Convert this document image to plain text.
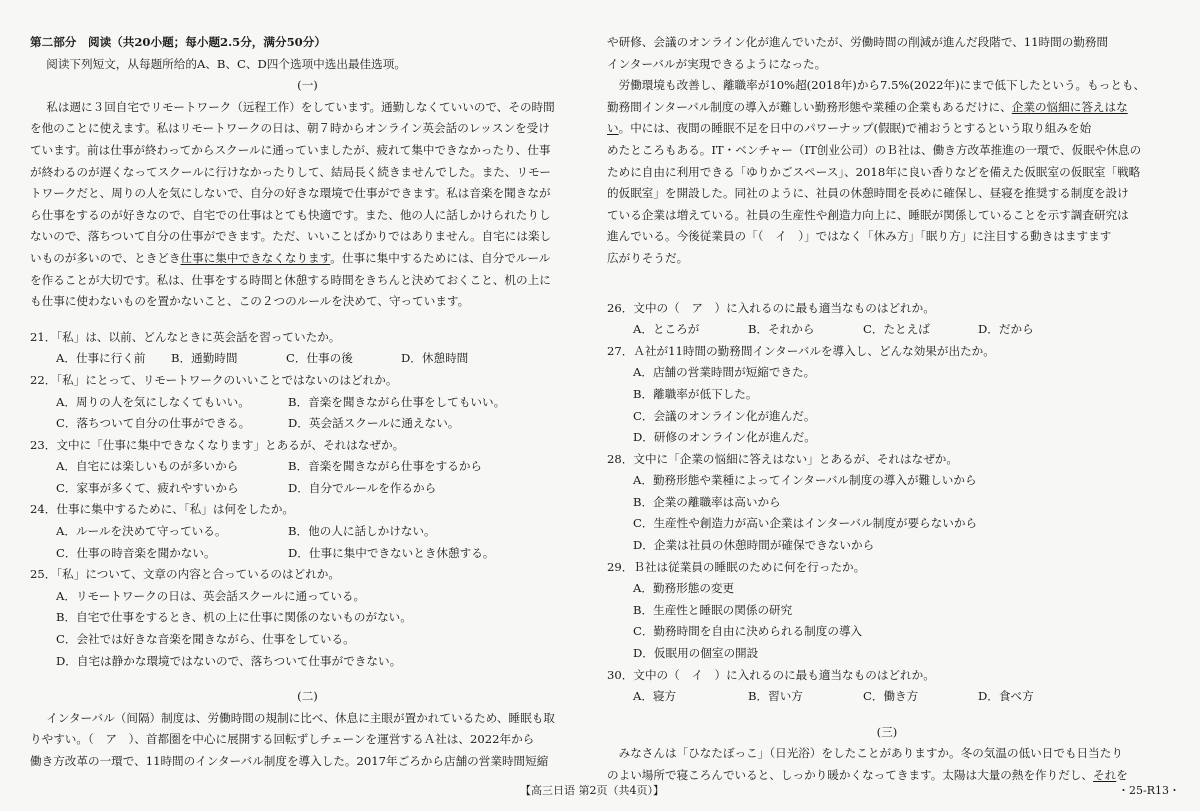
第二部分　阅读（共20小题；每小题2.5分，满分50分）
阅读下列短文，从每题所给的A、B、C、D四个选项中选出最佳选项。
(一)
私は週に３回自宅でリモートワーク（远程工作）をしています。通勤しなくていいので、その時間
を他のことに使えます。私はリモートワークの日は、朝７時からオンライン英会話のレッスンを受け
ています。前は仕事が終わってからスクールに通っていましたが、疲れて集中できなかったり、仕事
が終わるのが遅くなってスクールに行けなかったりして、結局長く続きませんでした。また、リモー
トワークだと、周りの人を気にしないで、自分の好きな環境で仕事ができます。私は音楽を聞きなが
ら仕事をするのが好きなので、自宅での仕事はとても快適です。また、他の人に話しかけられたりし
ないので、落ちついて自分の仕事ができます。ただ、いいことばかりではありません。自宅には楽し
いものが多いので、ときどき仕事に集中できなくなります。仕事に集中するためには、自分でルール
を作ることが大切です。私は、仕事をする時間と休憩する時間をきちんと決めておくこと、机の上に
も仕事に使わないものを置かないこと、この２つのルールを決めて、守っています。
21．「私」は、以前、どんなときに英会話を習っていたか。
A．仕事に行く前	B．通勤時間	C．仕事の後	D．休憩時間
22．「私」にとって、リモートワークのいいことではないのはどれか。
A．周りの人を気にしなくてもいい。	B．音楽を聞きながら仕事をしてもいい。
C．落ちついて自分の仕事ができる。	D．英会話スクールに通えない。
23．文中に「仕事に集中できなくなります」とあるが、それはなぜか。
A．自宅には楽しいものが多いから	B．音楽を聞きながら仕事をするから
C．家事が多くて、疲れやすいから	D．自分でルールを作るから
24．仕事に集中するために、「私」は何をしたか。
A．ルールを決めて守っている。	B．他の人に話しかけない。
C．仕事の時音楽を聞かない。	D．仕事に集中できないとき休憩する。
25．「私」について、文章の内容と合っているのはどれか。
A．リモートワークの日は、英会話スクールに通っている。
B．自宅で仕事をするとき、机の上に仕事に関係のないものがない。
C．会社では好きな音楽を聞きながら、仕事をしている。
D．自宅は静かな環境ではないので、落ちついて仕事ができない。
(二)
インターバル（间隔）制度は、労働時間の規制に比べ、休息に主眼が置かれているため、睡眠も取
りやすい。（　ア　）、首都圏を中心に展開する回転ずしチェーンを運営するＡ社は、2022年から
働き方改革の一環で、11時間のインターバル制度を導入した。2017年ごろから店舗の営業時間短縮
や研修、会議のオンライン化が進んでいたが、労働時間の削減が進んだ段階で、11時間の勤務間
インターバルが実現できるようになった。
　労働環境も改善し、離職率が10%超(2018年)から7.5%(2022年)にまで低下したという。もっとも、
勤務間インターバル制度の導入が難しい勤務形態や業種の企業もあるだけに、企業の悩細に答えはな
い。中には、夜間の睡眠不足を日中のパワーナップ(假眠)で補おうとするという取り組みを始
めたところもある。IT・ベンチャー（IT创业公司）のＢ社は、働き方改革推進の一環で、仮眠や休息の
ために自由に利用できる「ゆりかごスペース」、2018年に良い香りなどを備えた仮眠室の仮眠室「戦略
的仮眠室」を開設した。同社のように、社員の休憩時間を長めに確保し、昼寝を推奨する制度を設け
ている企業は増えている。社員の生産性や創造力向上に、睡眠が関係していることを示す調査研究は
進んでいる。今後従業員の「（　イ　）」ではなく「休み方」「眠り方」に注目する動きはますます
広がりそうだ。
26．文中の（　ア　）に入れるのに最も適当なものはどれか。
A．ところが	B．それから	C．たとえば	D．だから
27．Ａ社が11時間の勤務間インターバルを導入し、どんな効果が出たか。
A．店舗の営業時間が短縮できた。
B．離職率が低下した。
C．会議のオンライン化が進んだ。
D．研修のオンライン化が進んだ。
28．文中に「企業の悩細に答えはない」とあるが、それはなぜか。
A．勤務形態や業種によってインターバル制度の導入が難しいから
B．企業の離職率は高いから
C．生産性や創造力が高い企業はインターバル制度が要らないから
D．企業は社員の休憩時間が確保できないから
29．Ｂ社は従業員の睡眠のために何を行ったか。
A．勤務形態の変更
B．生産性と睡眠の関係の研究
C．勤務時間を自由に決められる制度の導入
D．仮眠用の個室の開設
30．文中の（　イ　）に入れるのに最も適当なものはどれか。
A．寝方	B．習い方	C．働き方	D．食べ方
(三)
　みなさんは「ひなたぼっこ」（日光浴）をしたことがありますか。冬の気温の低い日でも日当たり
のよい場所で寝ころんでいると、しっかり暖かくなってきます。太陽は大量の熱を作りだし、それを
【高三日语 第2页（共4页）】	・25-R13・
